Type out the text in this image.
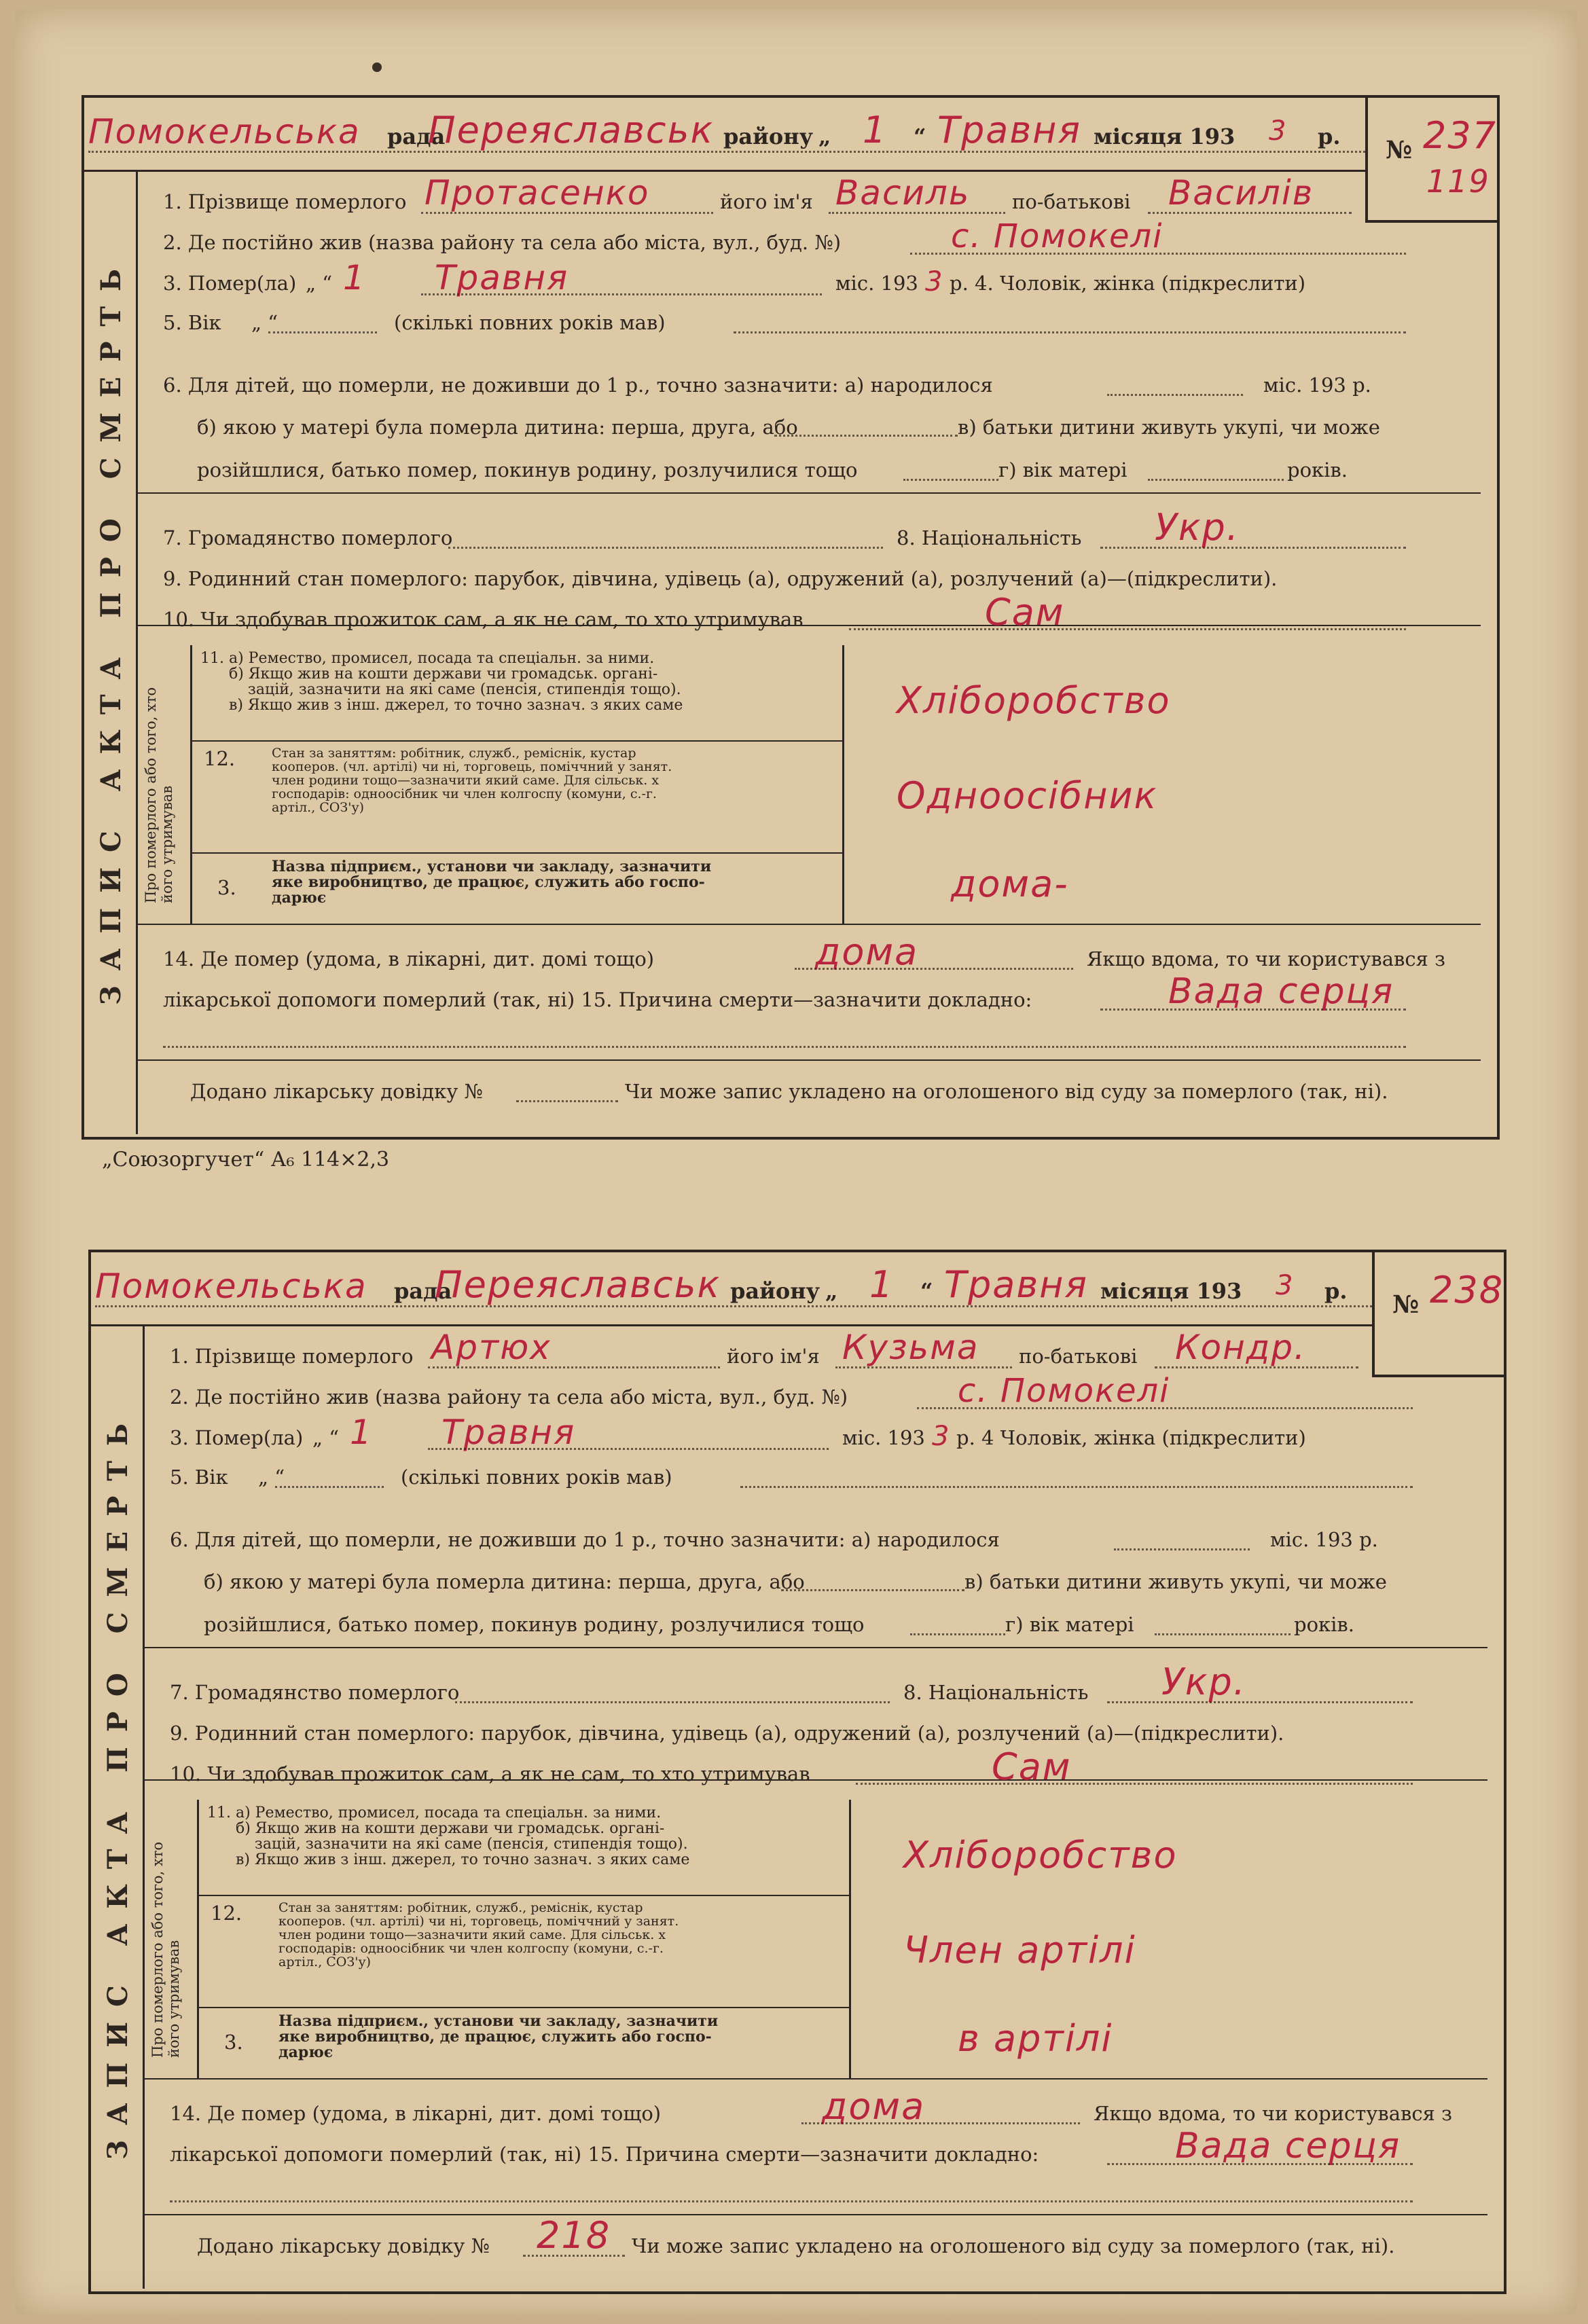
Помокельська рада
Переяславськ району „ 1 “ Травня місяця 193 3 р. № 237
119
ЗАПИС АКТА ПРО СМЕРТЬ
1. Прізвище померлого Протасенко	його ім'я Василь по-батькові Василів
2. Де постійно жив (назва району та села або міста, вул., буд. №)	с. Помокелі
3. Помер(ла) „ “ 1 Травня	міс. 193 3 р. 4. Чоловік, жінка (підкреслити)
5. Вік „ “	(скількі повних років мав)
6. Для дітей, що померли, не доживши до 1 р., точно зазначити: а) народилося	міс. 193 р.
б) якою у матері була померла дитина: перша, друга, або	в) батьки дитини живуть укупі, чи може
розійшлися, батько помер, покинув родину, розлучилися тощо	г) вік матері	років.
7. Громадянство померлого	8. Національність Укр.
9. Родинний стан померлого: парубок, дівчина, удівець (а), одружений (а), розлучений (а)—(підкреслити).
10. Чи здобував прожиток сам, а як не сам, то хто утримував	Сам
Про померлого або того, хто його утримував
11. а) Ремество, промисел, посада та спеціальн. за ними.
б) Якщо жив на кошти держави чи громадськ. органі-
зацій, зазначити на які саме (пенсія, стипендія тощо).
в) Якщо жив з інш. джерел, то точно зазнач. з яких саме	Хліборобство
12.	Стан за заняттям: робітник, служб., реміснік, кустар
кооперов. (чл. артілі) чи ні, торговець, поміччний у занят.
член родини тощо—зазначити який саме. Для сільськ. х
господарів: одноосібник чи член колгоспу (комуни, с.-г.
артіл., СОЗ'у)	Одноосібник
3.
Назва підприєм., установи чи закладу, зазначити
яке виробництво, де працює, служить або госпо-
дарює	дома-
14. Де помер (удома, в лікарні, дит. домі тощо)	дома	Якщо вдома, то чи користувався з
лікарської допомоги померлий (так, ні) 15. Причина смерти—зазначити докладно:	Вада серця
Додано лікарську довідку №	Чи може запис укладено на оголошеного від суду за померлого (так, ні).
Помокельська рада
Переяславськ району „ 1 “ Травня місяця 193 3 р. № 238
ЗАПИС АКТА ПРО СМЕРТЬ
1. Прізвище померлого Артюх	його ім'я Кузьма по-батькові Кондр.
2. Де постійно жив (назва району та села або міста, вул., буд. №)	с. Помокелі
3. Помер(ла) „ “ 1 Травня	міс. 193 3 р. 4 Чоловік, жінка (підкреслити)
5. Вік „ “	(скількі повних років мав)
6. Для дітей, що померли, не доживши до 1 р., точно зазначити: а) народилося	міс. 193 р.
б) якою у матері була померла дитина: перша, друга, або	в) батьки дитини живуть укупі, чи може
розійшлися, батько помер, покинув родину, розлучилися тощо	г) вік матері	років.
7. Громадянство померлого	8. Національність Укр.
9. Родинний стан померлого: парубок, дівчина, удівець (а), одружений (а), розлучений (а)—(підкреслити).
10. Чи здобував прожиток сам, а як не сам, то хто утримував	Сам
Про померлого або того, хто його утримував
11. а) Ремество, промисел, посада та спеціальн. за ними.
б) Якщо жив на кошти держави чи громадськ. органі-
зацій, зазначити на які саме (пенсія, стипендія тощо).
в) Якщо жив з інш. джерел, то точно зазнач. з яких саме	Хліборобство
12.	Стан за заняттям: робітник, служб., реміснік, кустар
кооперов. (чл. артілі) чи ні, торговець, поміччний у занят.
член родини тощо—зазначити який саме. Для сільськ. х
господарів: одноосібник чи член колгоспу (комуни, с.-г.
артіл., СОЗ'у)	Член артілі
3.
Назва підприєм., установи чи закладу, зазначити
яке виробництво, де працює, служить або госпо-
дарює	в артілі
14. Де помер (удома, в лікарні, дит. домі тощо)	дома	Якщо вдома, то чи користувався з
лікарської допомоги померлий (так, ні) 15. Причина смерти—зазначити докладно:	Вада серця
Додано лікарську довідку № 218 Чи може запис укладено на оголошеного від суду за померлого (так, ні).
„Союзоргучет“ А₆ 114×2,3
